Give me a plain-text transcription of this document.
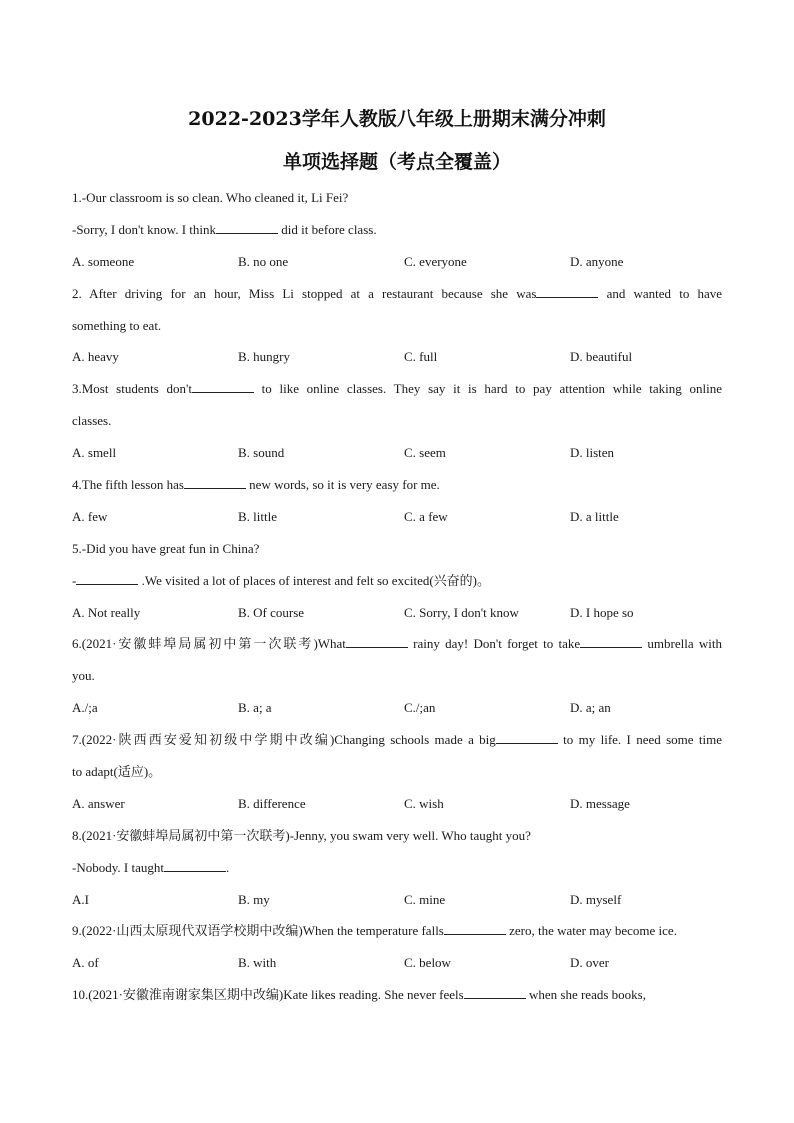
2022-2023学年人教版八年级上册期末满分冲刺
单项选择题（考点全覆盖）
1.-Our classroom is so clean. Who cleaned it, Li Fei?
-Sorry, I don't know. I think	did it before class.
A. someone	B. no one	C. everyone	D. anyone
2. After driving for an hour, Miss Li stopped at a restaurant because she was	and wanted to have
something to eat.
A. heavy	B. hungry	C. full	D. beautiful
3.Most students don't	to like online classes. They say it is hard to pay attention while taking online
classes.
A. smell	B. sound	C. seem	D. listen
4.The fifth lesson has	new words, so it is very easy for me.
A. few	B. little	C. a few	D. a little
5.-Did you have great fun in China?
-	.We visited a lot of places of interest and felt so excited(兴奋的)。
A. Not really	B. Of course	C. Sorry, I don't know	D. I hope so
6.(2021·安徽蚌埠局属初中第一次联考)What	rainy day! Don't forget to take	umbrella with
you.
A./;a	B. a; a	C./;an	D. a; an
7.(2022·陕西西安爱知初级中学期中改编)Changing schools made a big	to my life. I need some time
to adapt(适应)。
A. answer	B. difference	C. wish	D. message
8.(2021·安徽蚌埠局属初中第一次联考)-Jenny, you swam very well. Who taught you?
-Nobody. I taught	.
A.I	B. my	C. mine	D. myself
9.(2022·山西太原现代双语学校期中改编)When the temperature falls	zero, the water may become ice.
A. of	B. with	C. below	D. over
10.(2021·安徽淮南谢家集区期中改编)Kate likes reading. She never feels	when she reads books,
